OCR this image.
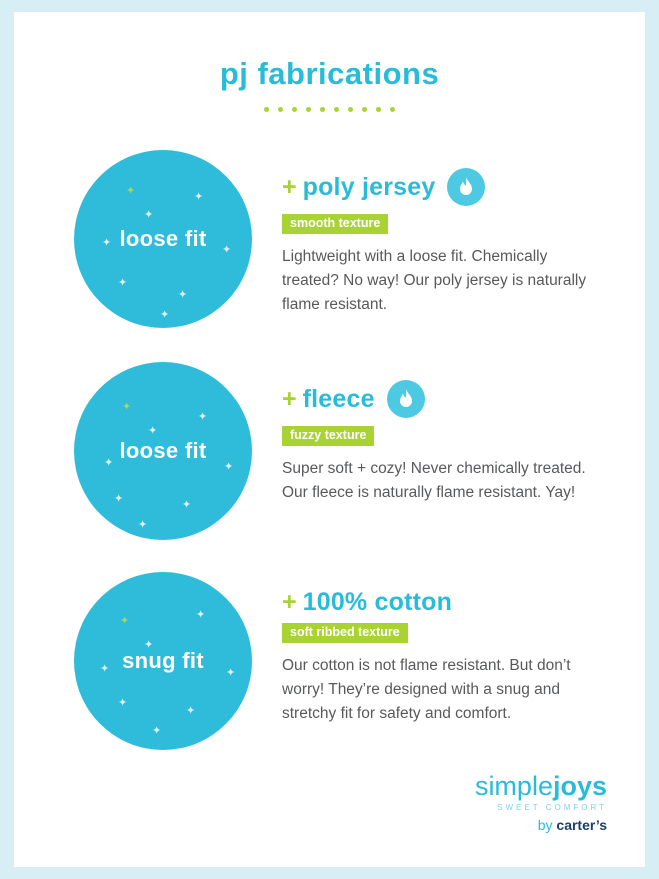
pj fabrications
✦	✦
✦
✦
✦
✦
✦
✦
loose fit
+ poly jersey
smooth texture
Lightweight with a loose fit. Chemically treated? No way! Our poly jersey is naturally flame resistant.
✦
✦
✦
✦
✦
✦	✦
✦
loose fit
+ fleece
fuzzy texture
Super soft + cozy! Never chemically treated. Our fleece is naturally flame resistant. Yay!
✦	✦
✦
✦
✦
✦
✦
✦
snug fit
+ 100% cotton
soft ribbed texture
Our cotton is not flame resistant. But don’t worry! They’re designed with a snug and stretchy fit for safety and comfort.
simplejoys
SWEET COMFORT
by carter’s
